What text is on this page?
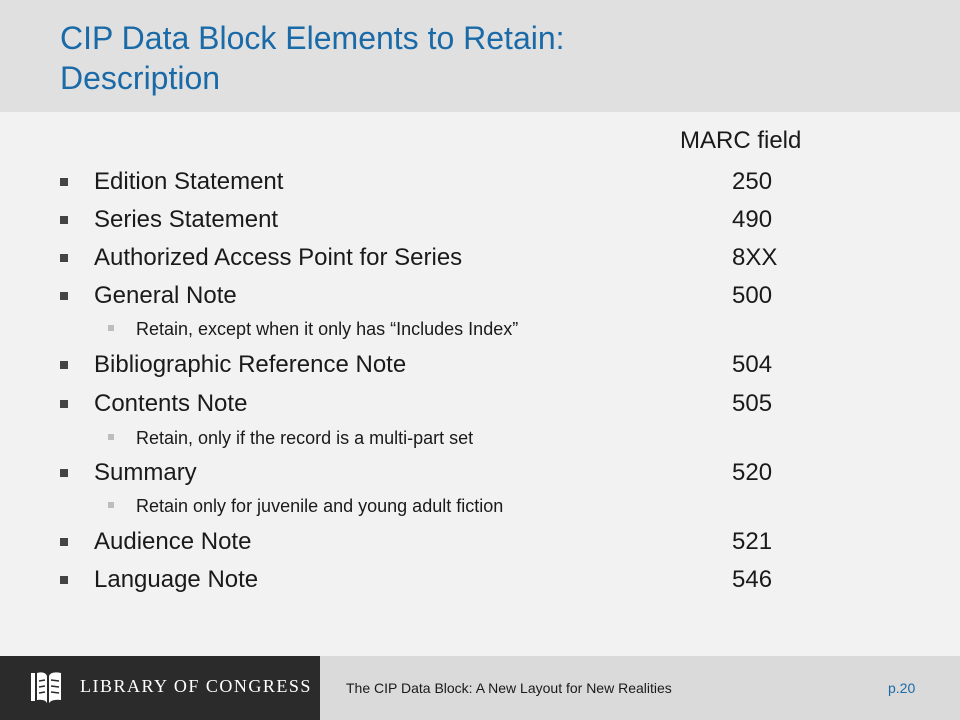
CIP Data Block Elements to Retain:
Description
MARC field
Edition Statement	250
Series Statement	490
Authorized Access Point for Series	8XX
General Note	500
Retain, except when it only has “Includes Index”
Bibliographic Reference Note	504
Contents Note	505
Retain, only if the record is a multi-part set
Summary	520
Retain only for juvenile and young adult fiction
Audience Note	521
Language Note	546
LIBRARY OF CONGRESS The CIP Data Block: A New Layout for New Realities	p.20
